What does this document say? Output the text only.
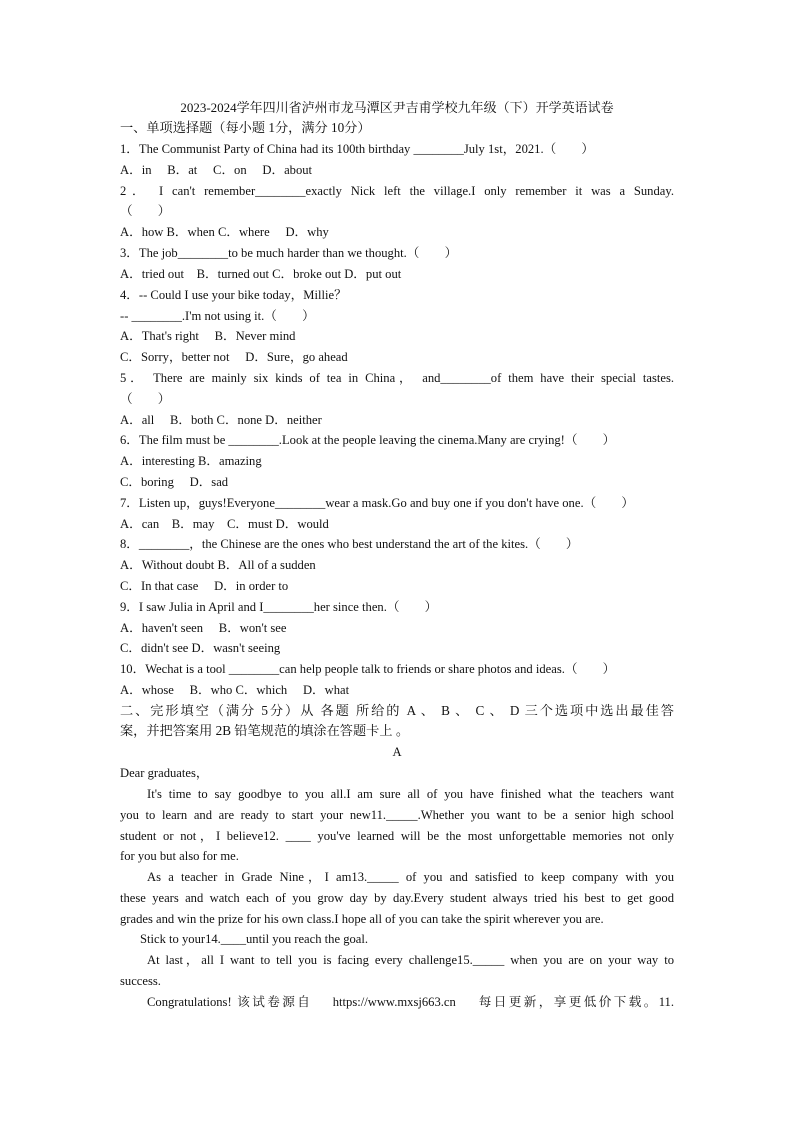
2023-2024学年四川省泸州市龙马潭区尹吉甫学校九年级（下）开学英语试卷
一、单项选择题（每小题 1分，满分 10分）
1．The Communist Party of China had its 100th birthday ________July 1st，2021.（　　）
A．in　 B．at　 C．on　 D．about
2． I can't remember________exactly Nick left the village.I only remember it was a Sunday.
（　　）
A．how B．when C．where　 D．why
3．The job________to be much harder than we thought.（　　）
A．tried out　B．turned out C．broke out D．put out
4．-- Could I use your bike today，Millie？
-- ________.I'm not using it.（　　）
A．That's right　 B．Never mind
C．Sorry，better not　 D．Sure，go ahead
5． There are mainly six kinds of tea in China， and________of them have their special tastes.
（　　）
A．all　 B．both C．none D．neither
6．The film must be ________.Look at the people leaving the cinema.Many are crying!（　　）
A．interesting B．amazing
C．boring　 D．sad
7．Listen up，guys!Everyone________wear a mask.Go and buy one if you don't have one.（　　）
A．can　B．may　C．must D．would
8．________，the Chinese are the ones who best understand the art of the kites.（　　）
A．Without doubt B．All of a sudden
C．In that case　 D．in order to
9．I saw Julia in April and I________her since then.（　　）
A．haven't seen　 B．won't see
C．didn't see D．wasn't seeing
10．Wechat is a tool ________can help people talk to friends or share photos and ideas.（　　）
A．whose　 B．who C．which　 D．what
二、完形填空（满分 5分）从 各题 所给的 A 、 B 、 C 、 D 三个选项中选出最佳答
案，并把答案用 2B 铅笔规范的填涂在答题卡上 。
A
Dear graduates，
It's time to say goodbye to you all.I am sure all of you have finished what the teachers want
you to learn and are ready to start your new11._____.Whether you want to be a senior high school
student or not，I believe12. ____ you've learned will be the most unforgettable memories not only
for you but also for me.
As a teacher in Grade Nine，I am13._____ of you and satisfied to keep company with you
these years and watch each of you grow day by day.Every student always tried his best to get good
grades and win the prize for his own class.I hope all of you can take the spirit wherever you are.
Stick to your14.____until you reach the goal.
At last，all I want to tell you is facing every challenge15._____ when you are on your way to
success.
Congratulations! 该试卷源自　 https://www.mxsj663.cn　 每日更新，享更低价下载。11.
